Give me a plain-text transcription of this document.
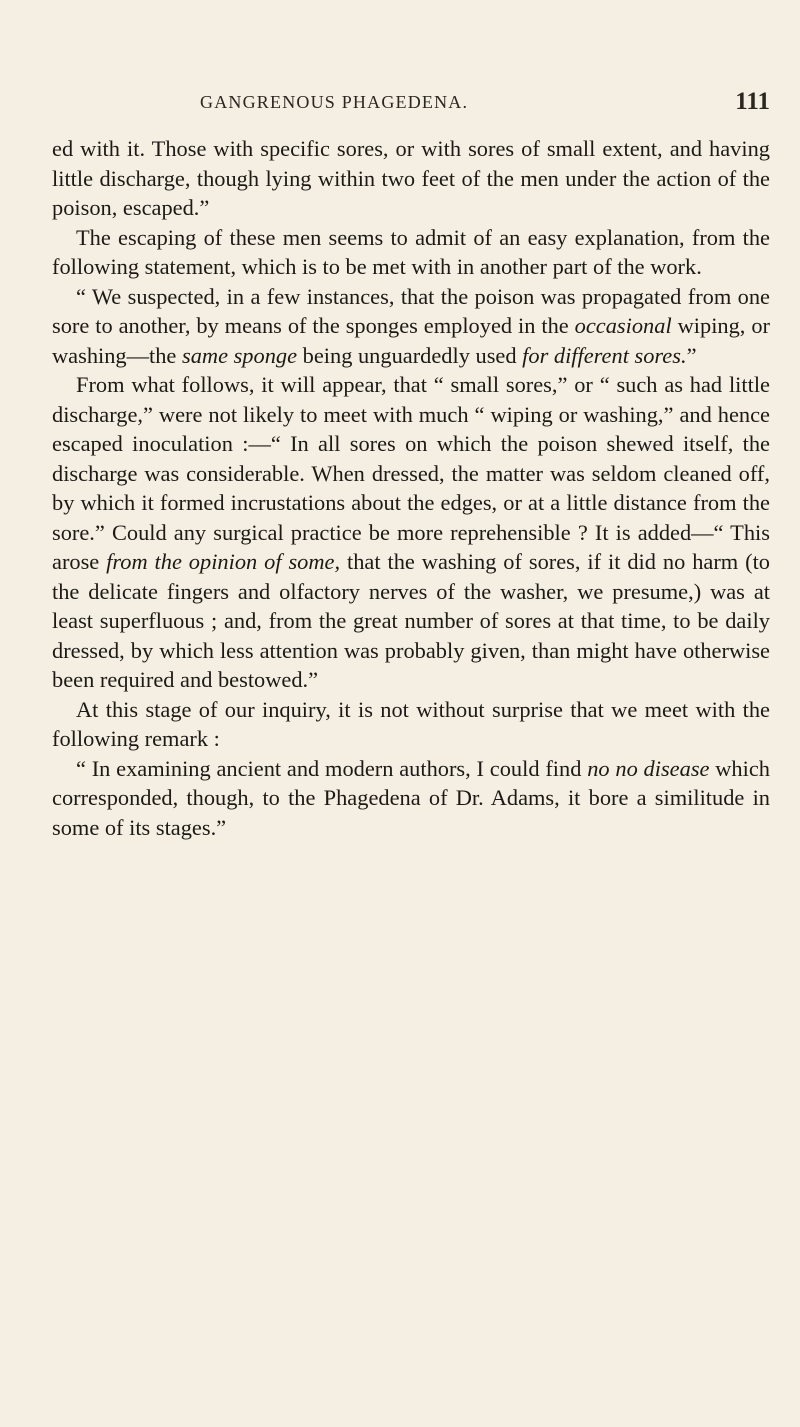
GANGRENOUS PHAGEDENA.	111

ed with it. Those with specific sores, or with sores of small extent, and having little discharge, though lying within two feet of the men under the action of the poison, escaped.”

The escaping of these men seems to admit of an easy explanation, from the following statement, which is to be met with in another part of the work.

“ We suspected, in a few instances, that the poison was propagated from one sore to another, by means of the sponges employed in the occasional wiping, or washing—the same sponge being unguardedly used for different sores.”

From what follows, it will appear, that “ small sores,” or “ such as had little discharge,” were not likely to meet with much “ wiping or washing,” and hence escaped inoculation :—“ In all sores on which the poison shewed itself, the discharge was considerable. When dressed, the matter was seldom cleaned off, by which it formed incrustations about the edges, or at a little distance from the sore.” Could any surgical practice be more reprehensible ? It is added—“ This arose from the opinion of some, that the washing of sores, if it did no harm (to the delicate fingers and olfactory nerves of the washer, we presume,) was at least superfluous ; and, from the great number of sores at that time, to be daily dressed, by which less attention was probably given, than might have otherwise been required and bestowed.”

At this stage of our inquiry, it is not without surprise that we meet with the following remark :

“ In examining ancient and modern authors, I could find no no disease which corresponded, though, to the Phagedena of Dr. Adams, it bore a similitude in some of its stages.”
